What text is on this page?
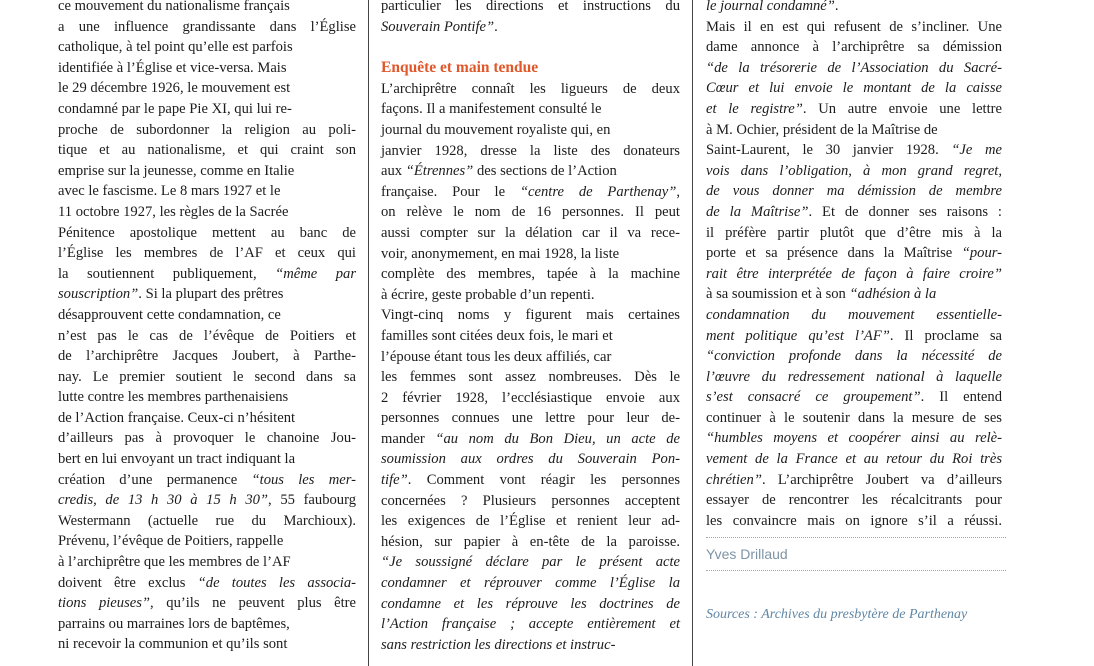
ce mouvement du nationalisme français
a une influence grandissante dans l’Église
catholique, à tel point qu’elle est parfois
identifiée à l’Église et vice-versa. Mais
le 29 décembre 1926, le mouvement est
condamné par le pape Pie XI, qui lui re-
proche de subordonner la religion au poli-
tique et au nationalisme, et qui craint son
emprise sur la jeunesse, comme en Italie
avec le fascisme. Le 8 mars 1927 et le
11 octobre 1927, les règles de la Sacrée
Pénitence apostolique mettent au banc de
l’Église les membres de l’AF et ceux qui
la soutiennent publiquement, “même par
souscription”. Si la plupart des prêtres
désapprouvent cette condamnation, ce
n’est pas le cas de l’évêque de Poitiers et
de l’archiprêtre Jacques Joubert, à Parthe-
nay. Le premier soutient le second dans sa
lutte contre les membres parthenaisiens
de l’Action française. Ceux-ci n’hésitent
d’ailleurs pas à provoquer le chanoine Jou-
bert en lui envoyant un tract indiquant la
création d’une permanence “tous les mer-
credis, de 13 h 30 à 15 h 30”, 55 faubourg
Westermann (actuelle rue du Marchioux).
Prévenu, l’évêque de Poitiers, rappelle
à l’archiprêtre que les membres de l’AF
doivent être exclus “de toutes les associa-
tions pieuses”, qu’ils ne peuvent plus être
parrains ou marraines lors de baptêmes,
ni recevoir la communion et qu’ils sont
particulier les directions et instructions du
Souverain Pontife”.
Enquête et main tendue
L’archiprêtre connaît les ligueurs de deux
façons. Il a manifestement consulté le
journal du mouvement royaliste qui, en
janvier 1928, dresse la liste des donateurs
aux “Étrennes” des sections de l’Action
française. Pour le “centre de Parthenay”,
on relève le nom de 16 personnes. Il peut
aussi compter sur la délation car il va rece-
voir, anonymement, en mai 1928, la liste
complète des membres, tapée à la machine
à écrire, geste probable d’un repenti.
Vingt-cinq noms y figurent mais certaines
familles sont citées deux fois, le mari et
l’épouse étant tous les deux affiliés, car
les femmes sont assez nombreuses. Dès le
2 février 1928, l’ecclésiastique envoie aux
personnes connues une lettre pour leur de-
mander “au nom du Bon Dieu, un acte de
soumission aux ordres du Souverain Pon-
tife”. Comment vont réagir les personnes
concernées ? Plusieurs personnes acceptent
les exigences de l’Église et renient leur ad-
hésion, sur papier à en-tête de la paroisse.
“Je soussigné déclare par le présent acte
condamner et réprouver comme l’Église la
condamne et les réprouve les doctrines de
l’Action française ; accepte entièrement et
sans restriction les directions et instruc-
le journal condamné”.
Mais il en est qui refusent de s’incliner. Une
dame annonce à l’archiprêtre sa démission
“de la trésorerie de l’Association du Sacré-
Cœur et lui envoie le montant de la caisse
et le registre”. Un autre envoie une lettre
à M. Ochier, président de la Maîtrise de
Saint-Laurent, le 30 janvier 1928. “Je me
vois dans l’obligation, à mon grand regret,
de vous donner ma démission de membre
de la Maîtrise”. Et de donner ses raisons :
il préfère partir plutôt que d’être mis à la
porte et sa présence dans la Maîtrise “pour-
rait être interprétée de façon à faire croire”
à sa soumission et à son “adhésion à la
condamnation du mouvement essentielle-
ment politique qu’est l’AF”. Il proclame sa
“conviction profonde dans la nécessité de
l’œuvre du redressement national à laquelle
s’est consacré ce groupement”. Il entend
continuer à le soutenir dans la mesure de ses
“humbles moyens et coopérer ainsi au relè-
vement de la France et au retour du Roi très
chrétien”. L’archiprêtre Joubert va d’ailleurs
essayer de rencontrer les récalcitrants pour
les convaincre mais on ignore s’il a réussi.
Yves Drillaud
Sources : Archives du presbytère de Parthenay
